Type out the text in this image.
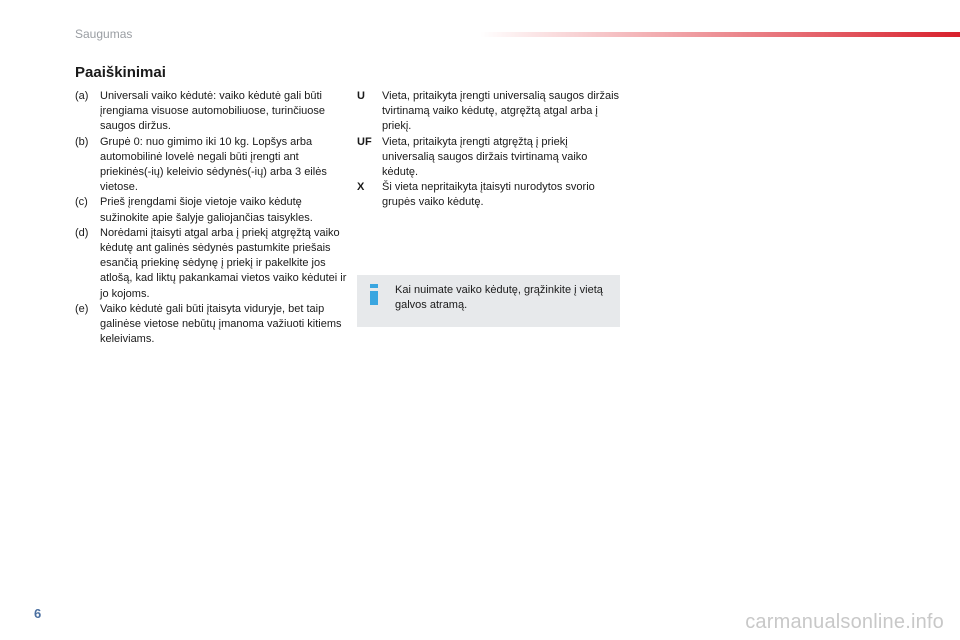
Saugumas
Paaiškinimai
(a)	Universali vaiko kėdutė: vaiko kėdutė gali būti įrengiama visuose automobiliuose, turinčiuose saugos diržus.
(b)	Grupė 0: nuo gimimo iki 10 kg. Lopšys arba automobilinė lovelė negali būti įrengti ant priekinės(-ių) keleivio sėdynės(-ių) arba 3 eilės vietose.
(c)	Prieš įrengdami šioje vietoje vaiko kėdutę sužinokite apie šalyje galiojančias taisykles.
(d)	Norėdami įtaisyti atgal arba į priekį atgręžtą vaiko kėdutę ant galinės sėdynės pastumkite priešais esančią priekinę sėdynę į priekį ir pakelkite jos atlošą, kad liktų pakankamai vietos vaiko kėdutei ir jo kojoms.
(e)	Vaiko kėdutė gali būti įtaisyta viduryje, bet taip galinėse vietose nebūtų įmanoma važiuoti kitiems keleiviams.
U	Vieta, pritaikyta įrengti universalią saugos diržais tvirtinamą vaiko kėdutę, atgręžtą atgal arba į priekį.
UF Vieta, pritaikyta įrengti atgręžtą į priekį universalią saugos diržais tvirtinamą vaiko kėdutę.
X	Ši vieta nepritaikyta įtaisyti nurodytos svorio grupės vaiko kėdutę.
Kai nuimate vaiko kėdutę, grąžinkite į vietą galvos atramą.
6	carmanualsonline.info
